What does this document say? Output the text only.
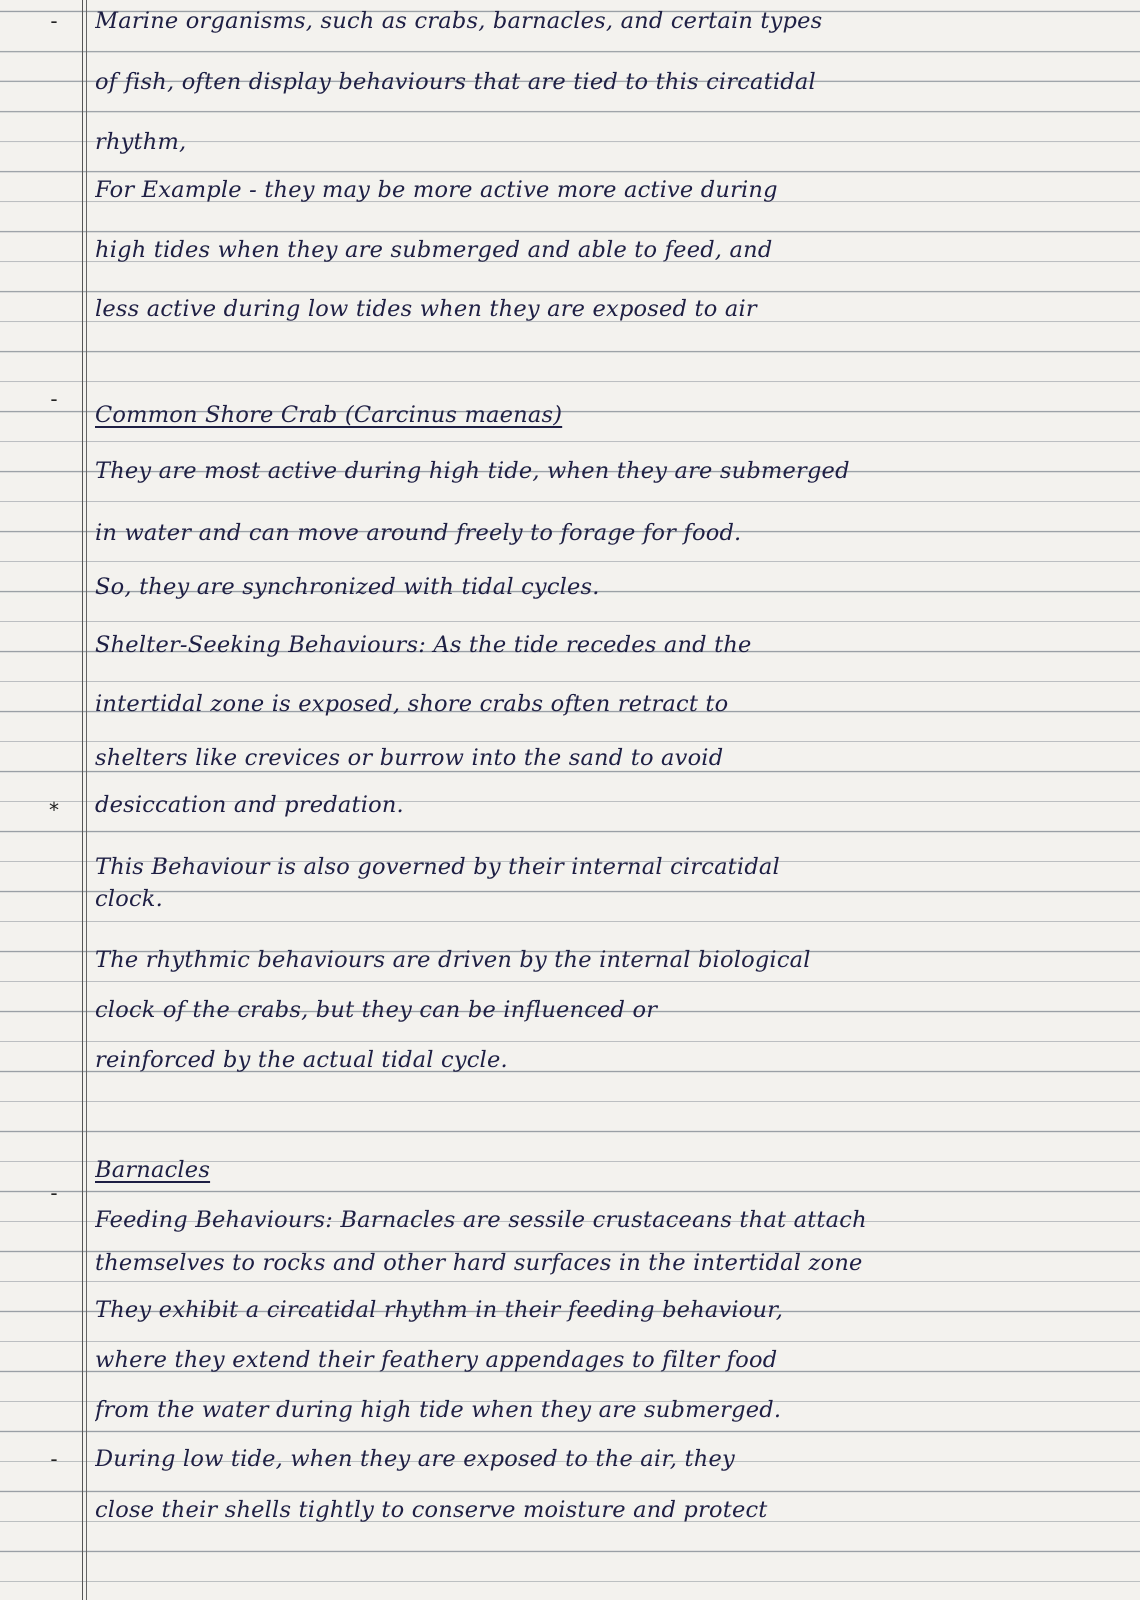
-
-
*
-
-
Marine organisms, such as crabs, barnacles, and certain types
of fish, often display behaviours that are tied to this circatidal
rhythm,
For Example - they may be more active more active during
high tides when they are submerged and able to feed, and
less active during low tides when they are exposed to air
Common Shore Crab (Carcinus maenas)
They are most active during high tide, when they are submerged
in water and can move around freely to forage for food.
So, they are synchronized with tidal cycles.
Shelter-Seeking Behaviours: As the tide recedes and the
intertidal zone is exposed, shore crabs often retract to
shelters like crevices or burrow into the sand to avoid
desiccation and predation.
This Behaviour is also governed by their internal circatidal
clock.
The rhythmic behaviours are driven by the internal biological
clock of the crabs, but they can be influenced or
reinforced by the actual tidal cycle.
Barnacles
Feeding Behaviours: Barnacles are sessile crustaceans that attach
themselves to rocks and other hard surfaces in the intertidal zone
They exhibit a circatidal rhythm in their feeding behaviour,
where they extend their feathery appendages to filter food
from the water during high tide when they are submerged.
During low tide, when they are exposed to the air, they
close their shells tightly to conserve moisture and protect
